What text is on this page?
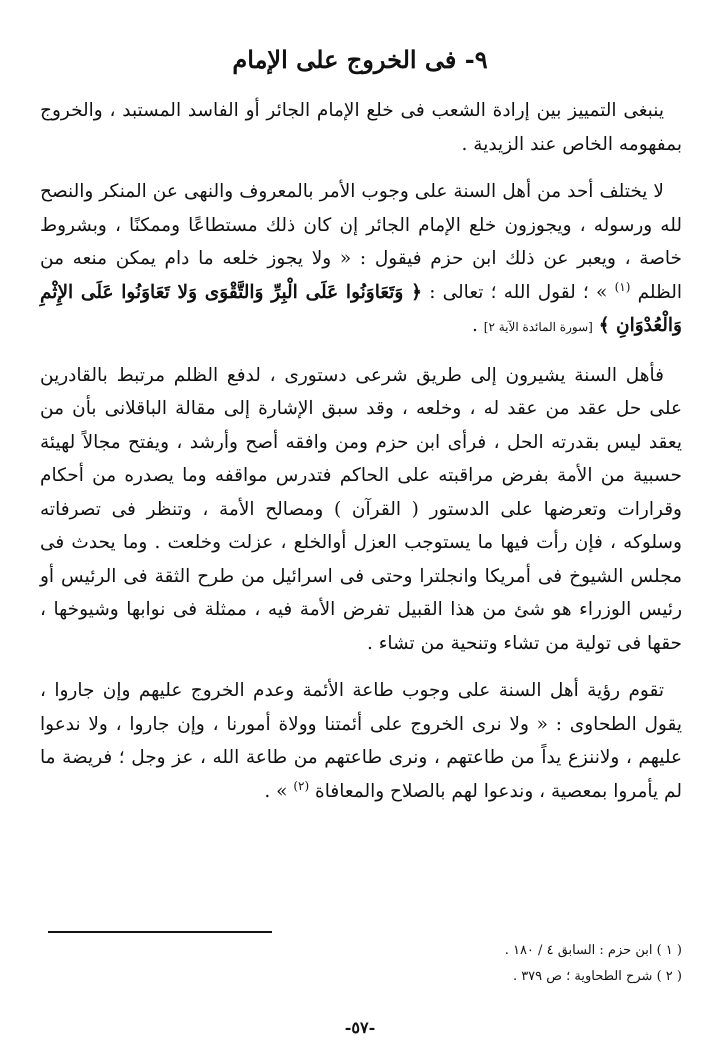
٩- فى الخروج على الإمام

ينبغى التمييز بين إرادة الشعب فى خلع الإمام الجائر أو الفاسد المستبد ، والخروج بمفهومه الخاص عند الزيدية .

لا يختلف أحد من أهل السنة على وجوب الأمر بالمعروف والنهى عن المنكر والنصح لله ورسوله ، ويجوزون خلع الإمام الجائر إن كان ذلك مستطاعًا وممكنًا ، وبشروط خاصة ، ويعبر عن ذلك ابن حزم فيقول : « ولا يجوز خلعه ما دام يمكن منعه من الظلم $^{(١)}$ » ؛ لقول الله ؛ تعالى : ﴿ وَتَعَاوَنُوا عَلَى الْبِرِّ وَالتَّقْوَى وَلا تَعَاوَنُوا عَلَى الإِثْمِ وَالْعُدْوَانِ ﴾ [سورة المائدة الآية ٢] .

فأهل السنة يشيرون إلى طريق شرعى دستورى ، لدفع الظلم مرتبط بالقادرين على حل عقد من عقد له ، وخلعه ، وقد سبق الإشارة إلى مقالة الباقلانى بأن من يعقد ليس بقدرته الحل ، فرأى ابن حزم ومن وافقه أصح وأرشد ، ويفتح مجالاً لهيئة حسبية من الأمة بفرض مراقبته على الحاكم فتدرس مواقفه وما يصدره من أحكام وقرارات وتعرضها على الدستور ( القرآن ) ومصالح الأمة ، وتنظر فى تصرفاته وسلوكه ، فإن رأت فيها ما يستوجب العزل أوالخلع ، عزلت وخلعت . وما يحدث فى مجلس الشيوخ فى أمريكا وانجلترا وحتى فى اسرائيل من طرح الثقة فى الرئيس أو رئيس الوزراء هو شئ من هذا القبيل تفرض الأمة فيه ، ممثلة فى نوابها وشيوخها ، حقها فى تولية من تشاء وتنحية من تشاء .

تقوم رؤية أهل السنة على وجوب طاعة الأئمة وعدم الخروج عليهم وإن جاروا ، يقول الطحاوى : « ولا نرى الخروج على أئمتنا وولاة أمورنا ، وإن جاروا ، ولا ندعوا عليهم ، ولاننزع يداً من طاعتهم ، ونرى طاعتهم من طاعة الله ، عز وجل ؛ فريضة ما لم يأمروا بمعصية ، وندعوا لهم بالصلاح والمعافاة $^{(٢)}$ » .

( ١ ) ابن حزم : السابق ٤ / ١٨٠ .

( ٢ ) شرح الطحاوية ؛ ص ٣٧٩ .

-٥٧-
